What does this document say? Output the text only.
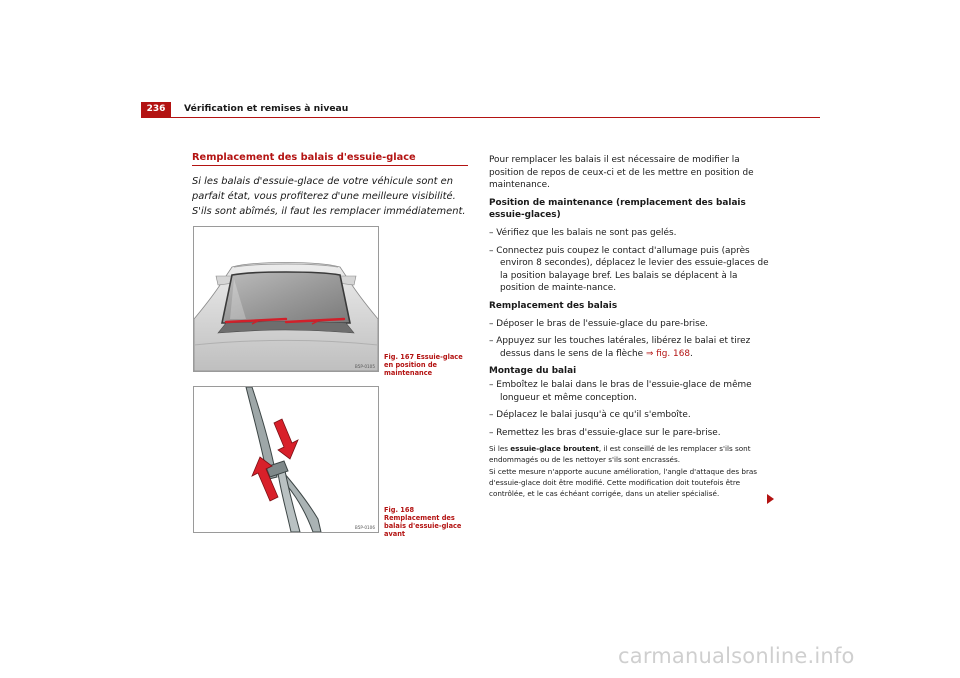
236	Vérification et remises à niveau
Remplacement des balais d'essuie-glace
Si les balais d'essuie-glace de votre véhicule sont en parfait état, vous profiterez d'une meilleure visibilité. S'ils sont abîmés, il faut les remplacer immédiatement.
B5P-0105
Fig. 167 Essuie-glace en position de maintenance
B5P-0106
Fig. 168 Remplacement des balais d'essuie-glace avant

Pour remplacer les balais il est nécessaire de modifier la position de repos de ceux-ci et de les mettre en position de maintenance.

Position de maintenance (remplacement des balais essuie-glaces)

– Vérifiez que les balais ne sont pas gelés.

– Connectez puis coupez le contact d'allumage puis (après environ 8 secondes), déplacez le levier des essuie-glaces de la position balayage bref. Les balais se déplacent à la position de mainte-nance.

Remplacement des balais

– Déposer le bras de l'essuie-glace du pare-brise.

– Appuyez sur les touches latérales, libérez le balai et tirez dessus dans le sens de la flèche ⇒ fig. 168.

Montage du balai

– Emboîtez le balai dans le bras de l'essuie-glace de même longueur et même conception.

– Déplacez le balai jusqu'à ce qu'il s'emboîte.

– Remettez les bras d'essuie-glace sur le pare-brise.

Si les essuie-glace broutent, il est conseillé de les remplacer s'ils sont endommagés ou de les nettoyer s'ils sont encrassés.

Si cette mesure n'apporte aucune amélioration, l'angle d'attaque des bras d'essuie-glace doit être modifié. Cette modification doit toutefois être contrôlée, et le cas échéant corrigée, dans un atelier spécialisé.

carmanualsonline.info
